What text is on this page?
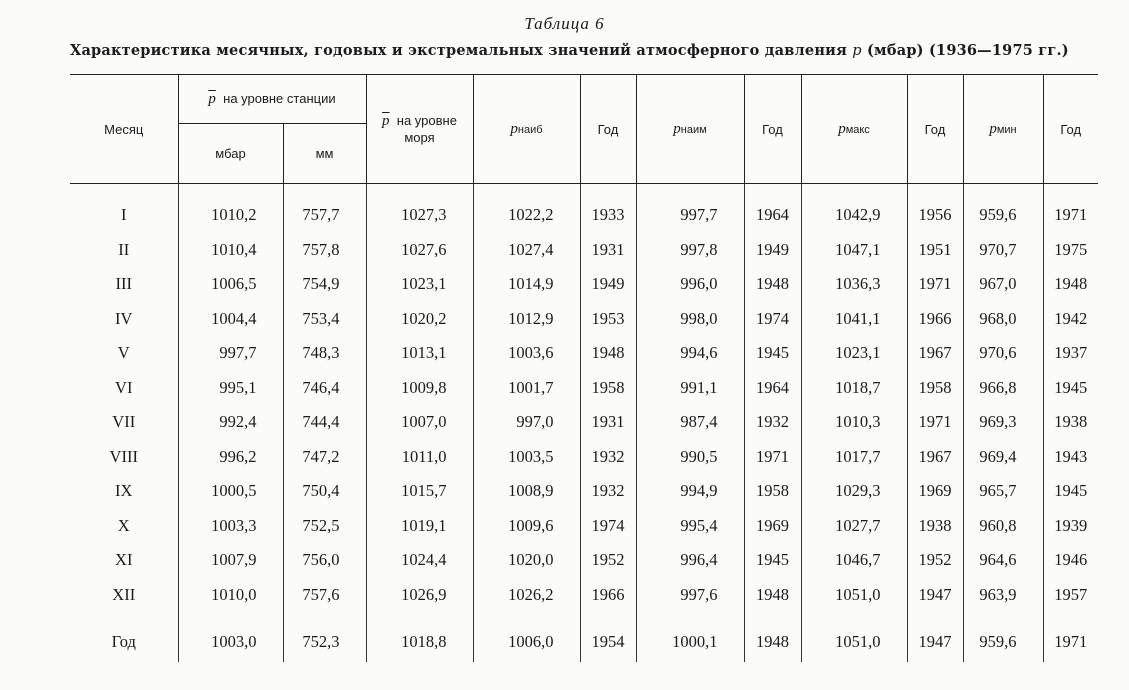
Таблица 6
Характеристика месячных, годовых и экстремальных значений атмосферного давления p (мбар) (1936—1975 гг.)
Месяц	$\overline{p}$ на уровне станции		$\overline{p}$ на уровне моря	pнаиб	Год	pнаим	Год	pмакс	Год	pмин	Год
	мбар	мм									
I	1010,2	757,7	1027,3	1022,2	1933	997,7	1964	1042,9	1956	959,6	1971
II	1010,4	757,8	1027,6	1027,4	1931	997,8	1949	1047,1	1951	970,7	1975
III	1006,5	754,9	1023,1	1014,9	1949	996,0	1948	1036,3	1971	967,0	1948
IV	1004,4	753,4	1020,2	1012,9	1953	998,0	1974	1041,1	1966	968,0	1942
V	997,7	748,3	1013,1	1003,6	1948	994,6	1945	1023,1	1967	970,6	1937
VI	995,1	746,4	1009,8	1001,7	1958	991,1	1964	1018,7	1958	966,8	1945
VII	992,4	744,4	1007,0	997,0	1931	987,4	1932	1010,3	1971	969,3	1938
VIII	996,2	747,2	1011,0	1003,5	1932	990,5	1971	1017,7	1967	969,4	1943
IX	1000,5	750,4	1015,7	1008,9	1932	994,9	1958	1029,3	1969	965,7	1945
X	1003,3	752,5	1019,1	1009,6	1974	995,4	1969	1027,7	1938	960,8	1939
XI	1007,9	756,0	1024,4	1020,0	1952	996,4	1945	1046,7	1952	964,6	1946
XII	1010,0	757,6	1026,9	1026,2	1966	997,6	1948	1051,0	1947	963,9	1957
Год	1003,0	752,3	1018,8	1006,0	1954	1000,1	1948	1051,0	1947	959,6	1971
